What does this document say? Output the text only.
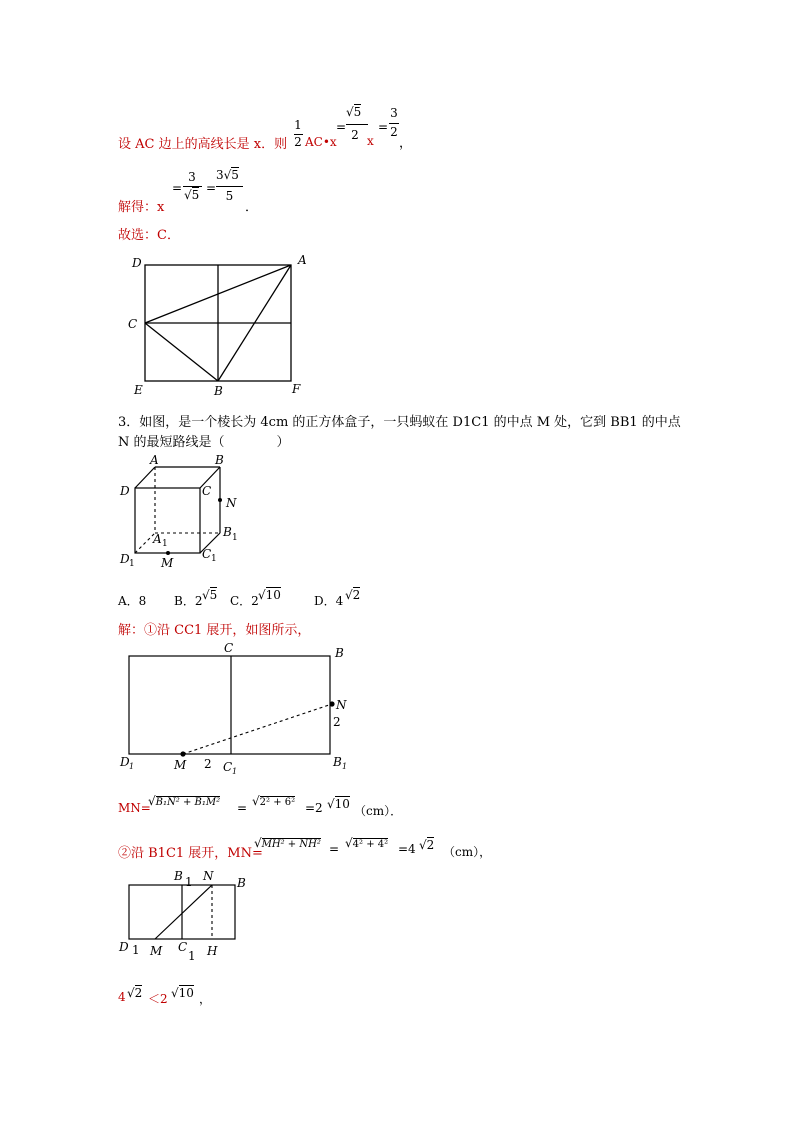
设 AC 边上的高线长是 x．则
1
2 AC•x
=
√5
2 x
=
3
2
，
解得：x
=
3
√5 =
3√5
5
．
故选：C．
D	A
C
E	B	F
3．如图，是一个棱长为 4cm 的正方体盒子，一只蚂蚁在 D1C1 的中点 M 处，它到 BB1 的中点
N 的最短路线是（　　　　）
A	B
D	C
N
B 1
A 1
D 1 M
C 1
A．8 B．2 √5 C．2 √10	D．4 √2
解：①沿 CC1 展开，如图所示，
C	B
N
2
D 1	M 2 C 1
B 1
MN=
√B₁N² + B₁M² = √2² + 6² =2 √10 （cm）．
②沿 B1C1 展开，MN=
√MH² + NH² = √4² + 4² =4 √2 （cm），
B 1 N B
D 1 M C
1 H
4 √2 ＜2 √10 ，
